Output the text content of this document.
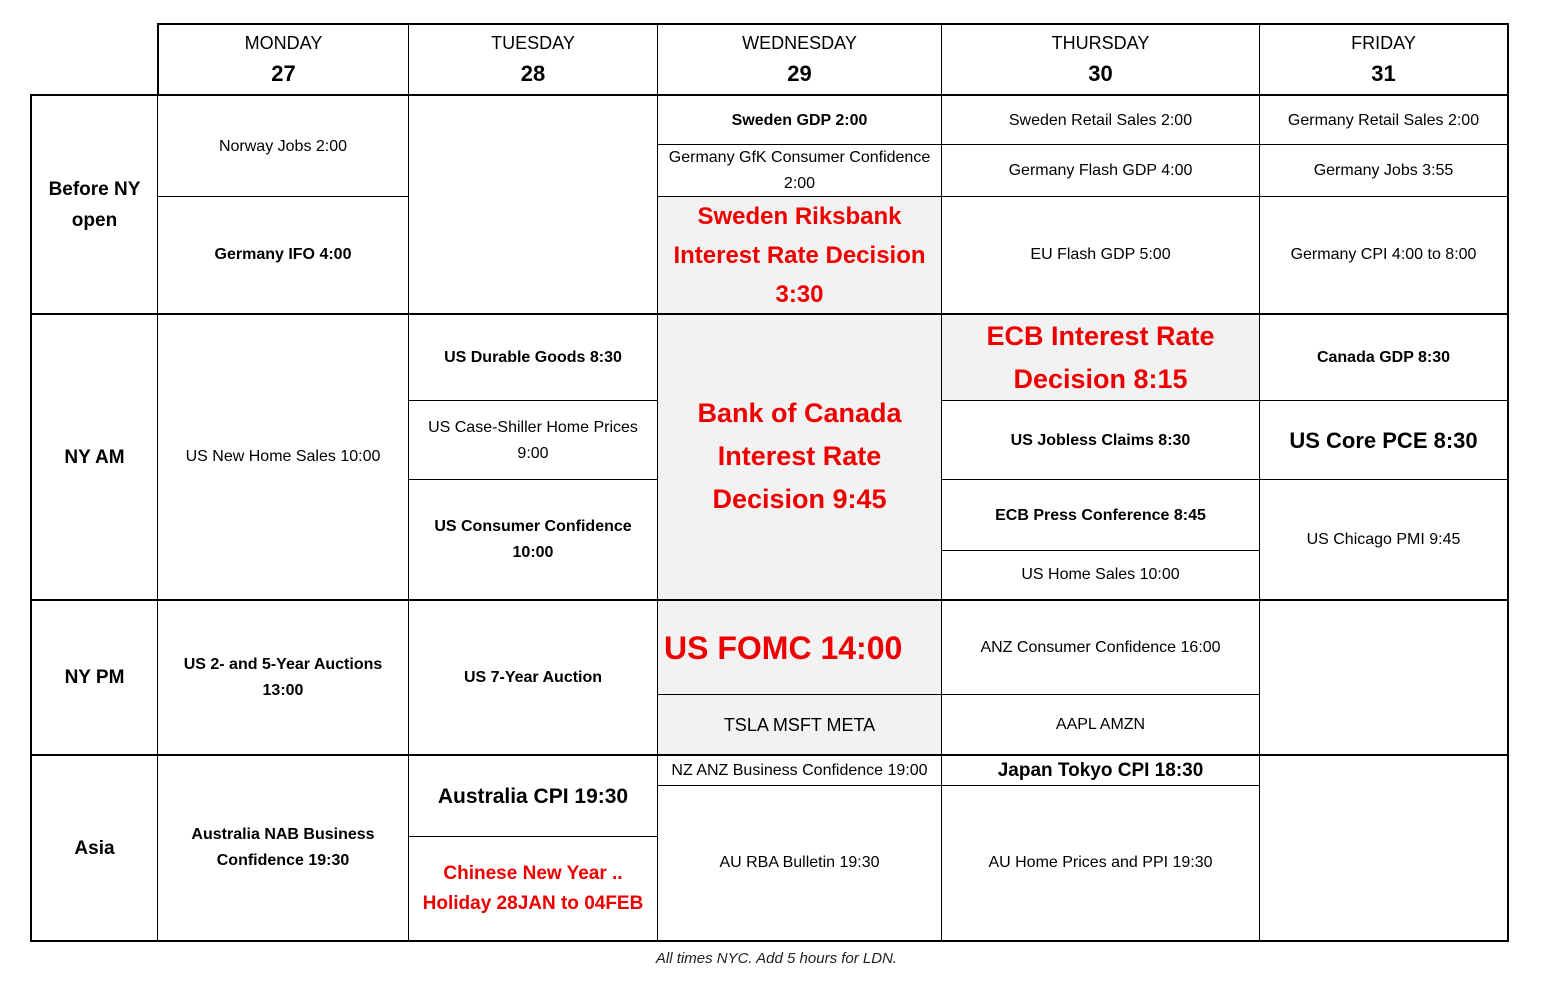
MONDAY
27
TUESDAY
28
WEDNESDAY
29
THURSDAY
30
FRIDAY
31
Before NY open
Norway Jobs 2:00
Germany IFO 4:00
Sweden GDP 2:00
Germany GfK Consumer Confidence 2:00
Sweden Riksbank Interest Rate Decision 3:30
Sweden Retail Sales 2:00
Germany Flash GDP 4:00
EU Flash GDP 5:00
Germany Retail Sales 2:00
Germany Jobs 3:55
Germany CPI 4:00 to 8:00
NY AM	US New Home Sales 10:00
US Durable Goods 8:30
US Case-Shiller Home Prices 9:00
US Consumer Confidence 10:00
Bank of Canada Interest Rate Decision 9:45
ECB Interest Rate Decision 8:15
US Jobless Claims 8:30
ECB Press Conference 8:45
US Home Sales 10:00
Canada GDP 8:30
US Core PCE 8:30
US Chicago PMI 9:45
NY PM
US 2- and 5-Year Auctions 13:00
US 7-Year Auction
US FOMC 14:00
TSLA MSFT META
ANZ Consumer Confidence 16:00
AAPL AMZN
Asia
Australia NAB Business Confidence 19:30
Australia CPI 19:30
Chinese New Year .. Holiday 28JAN to 04FEB
NZ ANZ Business Confidence 19:00
AU RBA Bulletin 19:30
Japan Tokyo CPI 18:30
AU Home Prices and PPI 19:30
All times NYC. Add 5 hours for LDN.
